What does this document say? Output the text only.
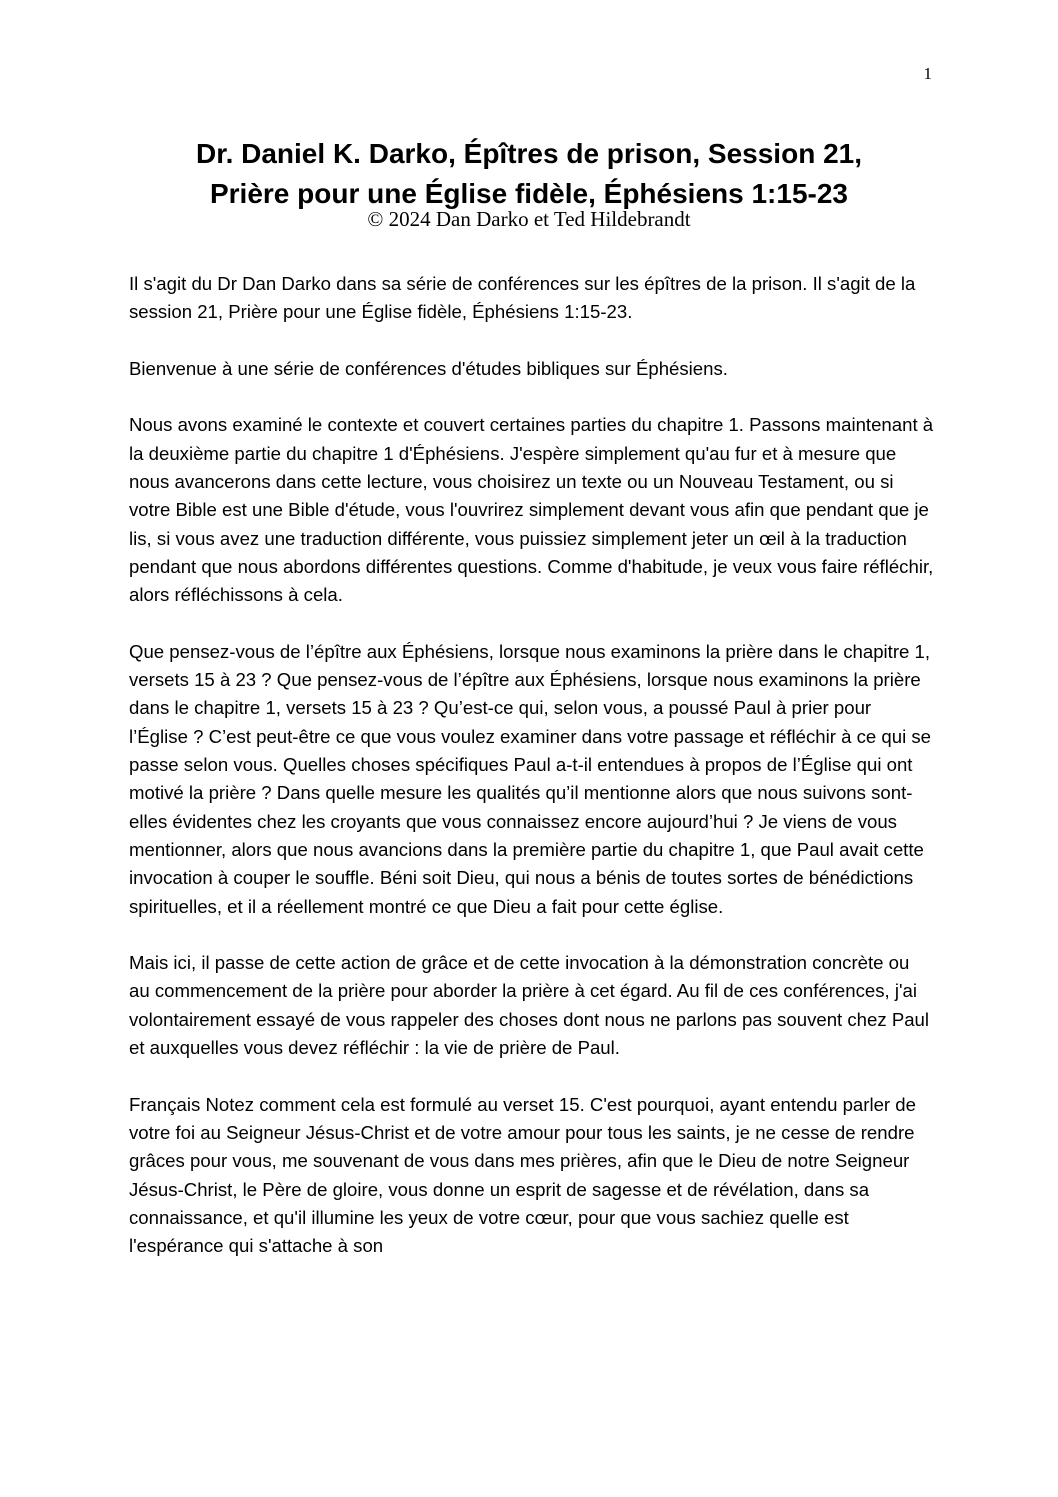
1
Dr. Daniel K. Darko, Épîtres de prison, Session 21,
Prière pour une Église fidèle, Éphésiens 1:15-23
© 2024 Dan Darko et Ted Hildebrandt

Il s'agit du Dr Dan Darko dans sa série de conférences sur les épîtres de la prison. Il s'agit de la session 21, Prière pour une Église fidèle, Éphésiens 1:15-23.

Bienvenue à une série de conférences d'études bibliques sur Éphésiens.

Nous avons examiné le contexte et couvert certaines parties du chapitre 1. Passons maintenant à la deuxième partie du chapitre 1 d'Éphésiens. J'espère simplement qu'au fur et à mesure que nous avancerons dans cette lecture, vous choisirez un texte ou un Nouveau Testament, ou si votre Bible est une Bible d'étude, vous l'ouvrirez simplement devant vous afin que pendant que je lis, si vous avez une traduction différente, vous puissiez simplement jeter un œil à la traduction pendant que nous abordons différentes questions. Comme d'habitude, je veux vous faire réfléchir, alors réfléchissons à cela.

Que pensez-vous de l’épître aux Éphésiens, lorsque nous examinons la prière dans le chapitre 1, versets 15 à 23 ? Que pensez-vous de l’épître aux Éphésiens, lorsque nous examinons la prière dans le chapitre 1, versets 15 à 23 ? Qu’est-ce qui, selon vous, a poussé Paul à prier pour l’Église ? C’est peut-être ce que vous voulez examiner dans votre passage et réfléchir à ce qui se passe selon vous. Quelles choses spécifiques Paul a-t-il entendues à propos de l’Église qui ont motivé la prière ? Dans quelle mesure les qualités qu’il mentionne alors que nous suivons sont-elles évidentes chez les croyants que vous connaissez encore aujourd’hui ? Je viens de vous mentionner, alors que nous avancions dans la première partie du chapitre 1, que Paul avait cette invocation à couper le souffle. Béni soit Dieu, qui nous a bénis de toutes sortes de bénédictions spirituelles, et il a réellement montré ce que Dieu a fait pour cette église.

Mais ici, il passe de cette action de grâce et de cette invocation à la démonstration concrète ou au commencement de la prière pour aborder la prière à cet égard. Au fil de ces conférences, j'ai volontairement essayé de vous rappeler des choses dont nous ne parlons pas souvent chez Paul et auxquelles vous devez réfléchir : la vie de prière de Paul.

Français Notez comment cela est formulé au verset 15. C'est pourquoi, ayant entendu parler de votre foi au Seigneur Jésus-Christ et de votre amour pour tous les saints, je ne cesse de rendre grâces pour vous, me souvenant de vous dans mes prières, afin que le Dieu de notre Seigneur Jésus-Christ, le Père de gloire, vous donne un esprit de sagesse et de révélation, dans sa connaissance, et qu'il illumine les yeux de votre cœur, pour que vous sachiez quelle est l'espérance qui s'attache à son
